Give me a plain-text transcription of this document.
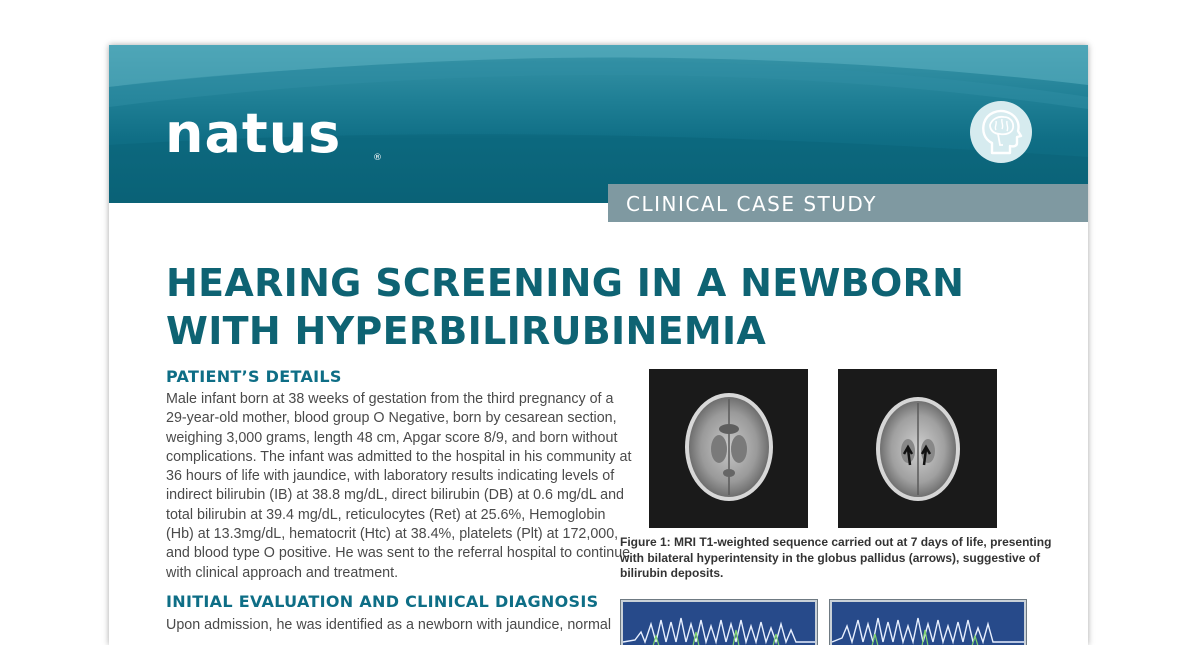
natus	®
CLINICAL CASE STUDY
HEARING SCREENING IN A NEWBORN
WITH HYPERBILIRUBINEMIA
PATIENT’S DETAILS
Male infant born at 38 weeks of gestation from the third pregnancy of a
29-year-old mother, blood group O Negative, born by cesarean section,
weighing 3,000 grams, length 48 cm, Apgar score 8/9, and born without
complications. The infant was admitted to the hospital in his community at
36 hours of life with jaundice, with laboratory results indicating levels of
indirect bilirubin (IB) at 38.8 mg/dL, direct bilirubin (DB) at 0.6 mg/dL and
total bilirubin at 39.4 mg/dL, reticulocytes (Ret) at 25.6%, Hemoglobin
(Hb) at 13.3mg/dL, hematocrit (Htc) at 38.4%, platelets (Plt) at 172,000,
and blood type O positive. He was sent to the referral hospital to continue
with clinical approach and treatment.
INITIAL EVALUATION AND CLINICAL DIAGNOSIS
Upon admission, he was identified as a newborn with jaundice, normal
Figure 1: MRI T1-weighted sequence carried out at 7 days of life, presenting
with bilateral hyperintensity in the globus pallidus (arrows), suggestive of
bilirubin deposits.
